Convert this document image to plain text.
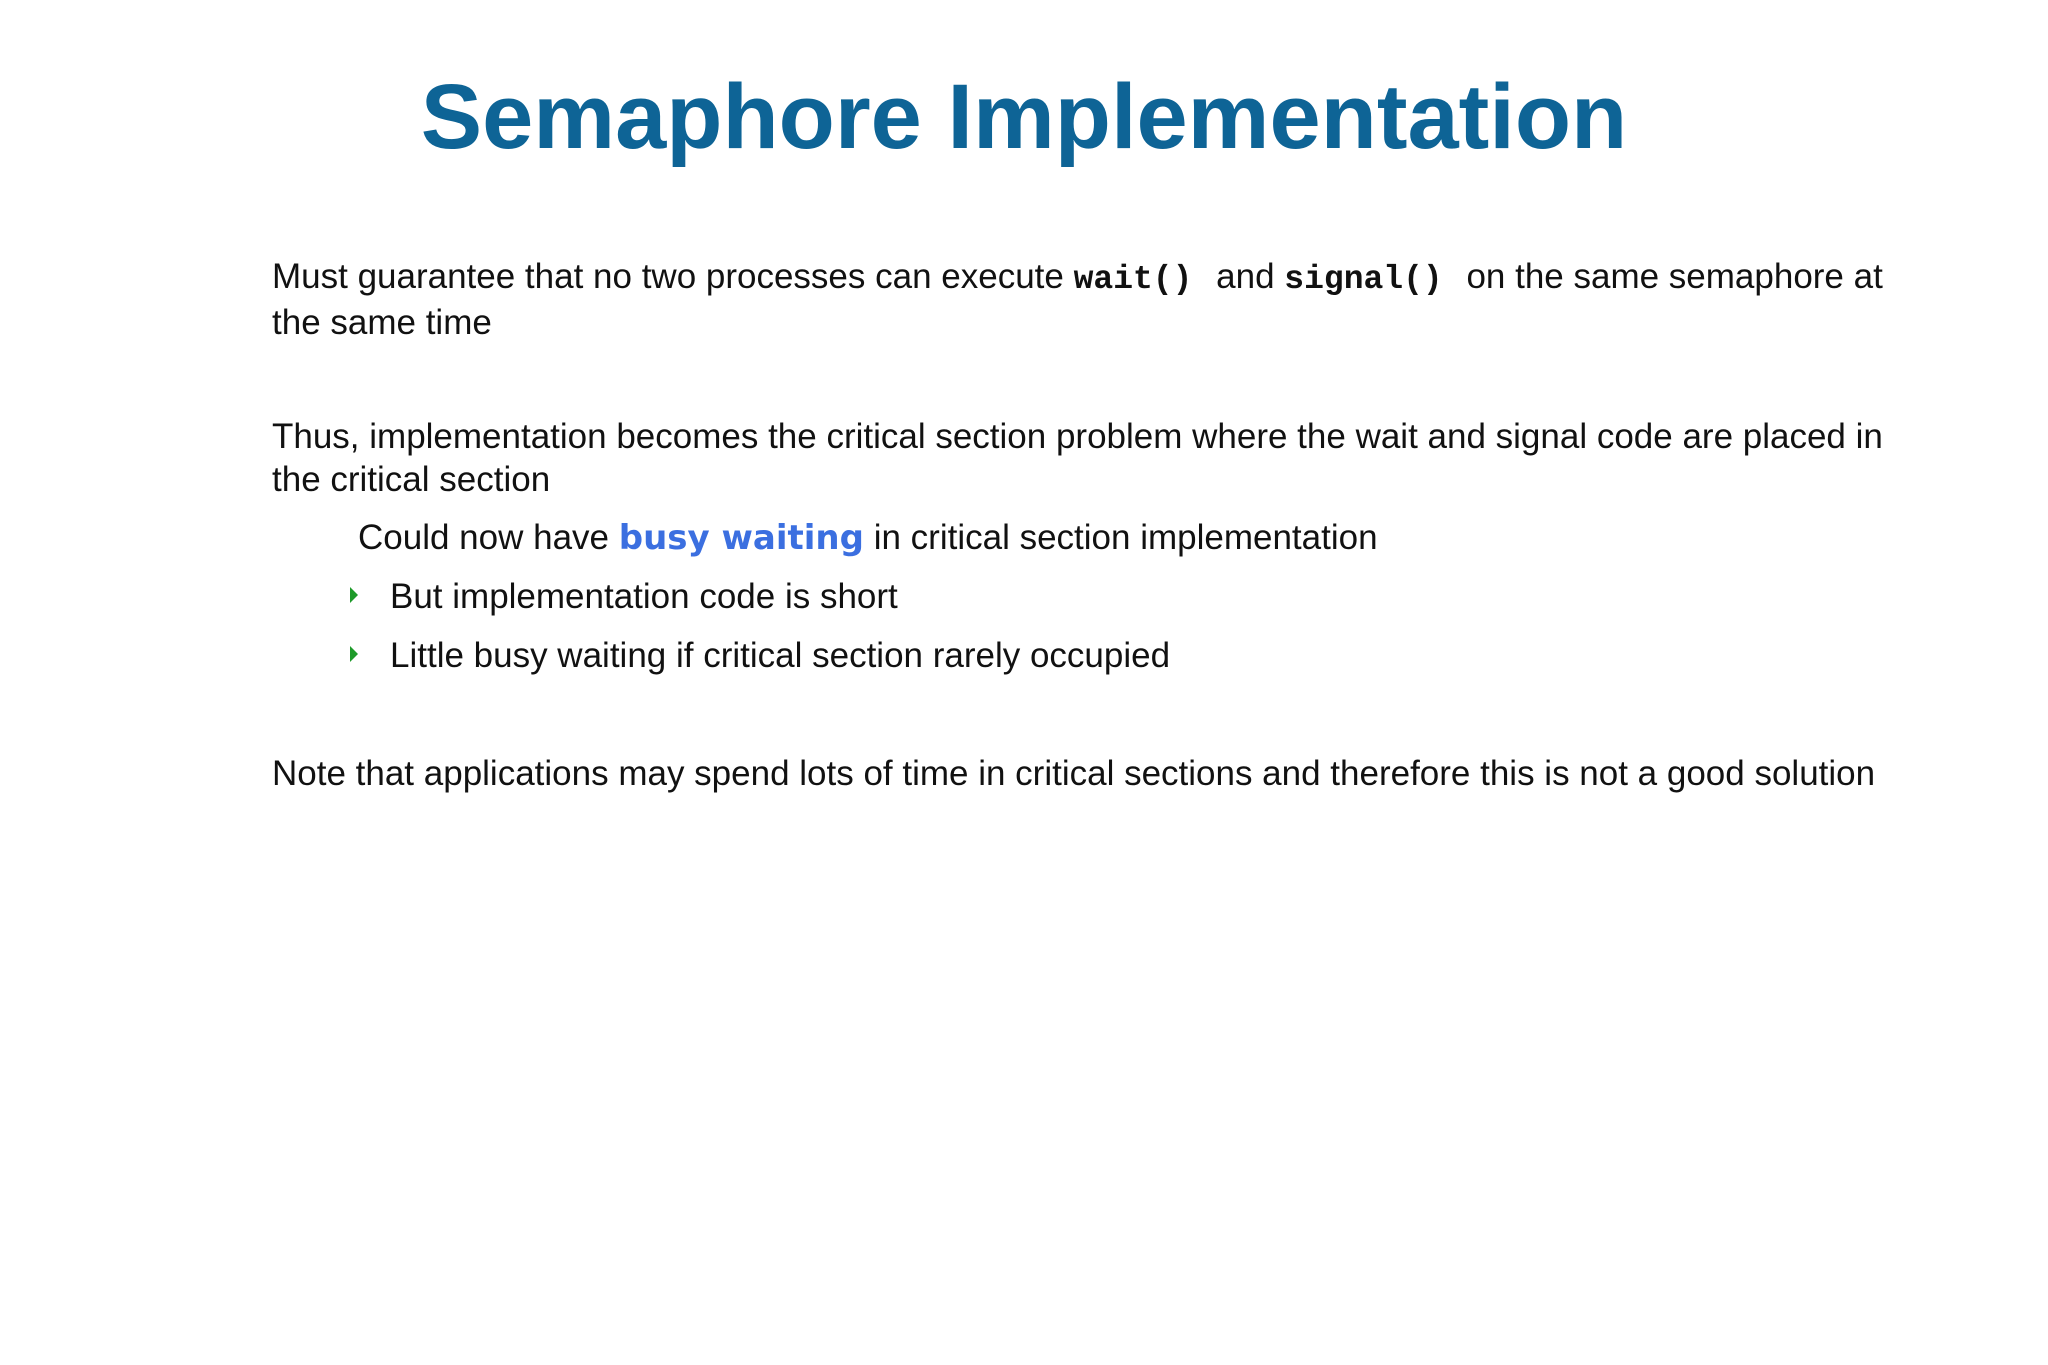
Semaphore Implementation

Must guarantee that no two processes can execute wait() and signal() on the same semaphore at the same time

Thus, implementation becomes the critical section problem where the wait and signal code are placed in the critical section

Could now have busy waiting in critical section implementation

But implementation code is short

Little busy waiting if critical section rarely occupied

Note that applications may spend lots of time in critical sections and therefore this is not a good solution
